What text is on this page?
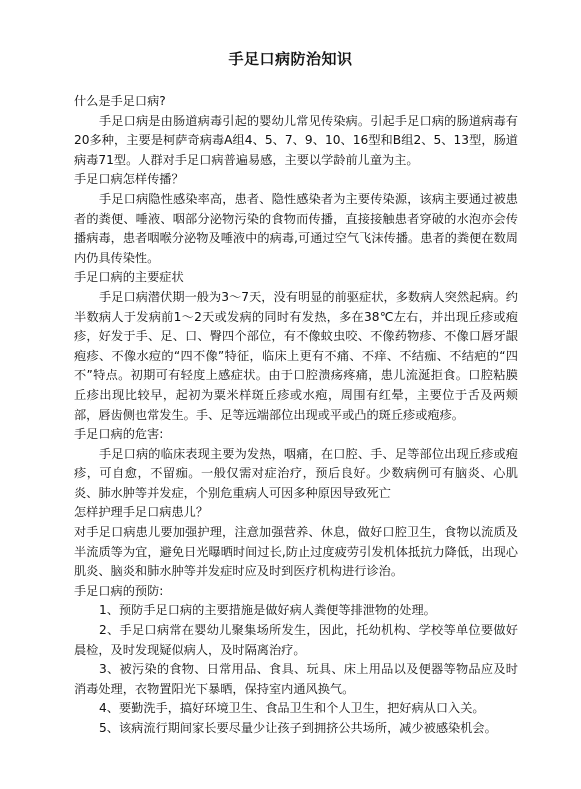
手足口病防治知识

什么是手足口病?

手足口病是由肠道病毒引起的婴幼儿常见传染病。引起手足口病的肠道病毒有20多种，主要是柯萨奇病毒A组4、5、7、9、10、16型和B组2、5、13型，肠道病毒71型。人群对手足口病普遍易感，主要以学龄前儿童为主。

手足口病怎样传播？

手足口病隐性感染率高，患者、隐性感染者为主要传染源，该病主要通过被患者的粪便、唾液、咽部分泌物污染的食物而传播，直接接触患者穿破的水泡亦会传播病毒，患者咽喉分泌物及唾液中的病毒,可通过空气飞沫传播。患者的粪便在数周内仍具传染性。

手足口病的主要症状

手足口病潜伏期一般为3～7天，没有明显的前驱症状，多数病人突然起病。约半数病人于发病前1～2天或发病的同时有发热，多在38℃左右，并出现丘疹或疱疹，好发于手、足、口、臀四个部位，有不像蚊虫咬、不像药物疹、不像口唇牙龈疱疹、不像水痘的“四不像”特征，临床上更有不痛、不痒、不结痂、不结疤的“四不”特点。初期可有轻度上感症状。由于口腔溃疡疼痛，患儿流涎拒食。口腔粘膜丘疹出现比较早，起初为粟米样斑丘疹或水疱，周围有红晕，主要位于舌及两颊部，唇齿侧也常发生。手、足等远端部位出现或平或凸的斑丘疹或疱疹。

手足口病的危害:

手足口病的临床表现主要为发热，咽痛，在口腔、手、足等部位出现丘疹或疱疹，可自愈，不留痂。一般仅需对症治疗，预后良好。少数病例可有脑炎、心肌炎、肺水肿等并发症，个别危重病人可因多种原因导致死亡

怎样护理手足口病患儿？

对手足口病患儿要加强护理，注意加强营养、休息，做好口腔卫生，食物以流质及半流质等为宜，避免日光曝晒时间过长,防止过度疲劳引发机体抵抗力降低，出现心肌炎、脑炎和肺水肿等并发症时应及时到医疗机构进行诊治。

手足口病的预防:

1、预防手足口病的主要措施是做好病人粪便等排泄物的处理。

2、手足口病常在婴幼儿聚集场所发生，因此，托幼机构、学校等单位要做好晨检，及时发现疑似病人，及时隔离治疗。

3、被污染的食物、日常用品、食具、玩具、床上用品以及便器等物品应及时消毒处理，衣物置阳光下暴晒，保持室内通风换气。

4、要勤洗手，搞好环境卫生、食品卫生和个人卫生，把好病从口入关。

5、该病流行期间家长要尽量少让孩子到拥挤公共场所，减少被感染机会。
